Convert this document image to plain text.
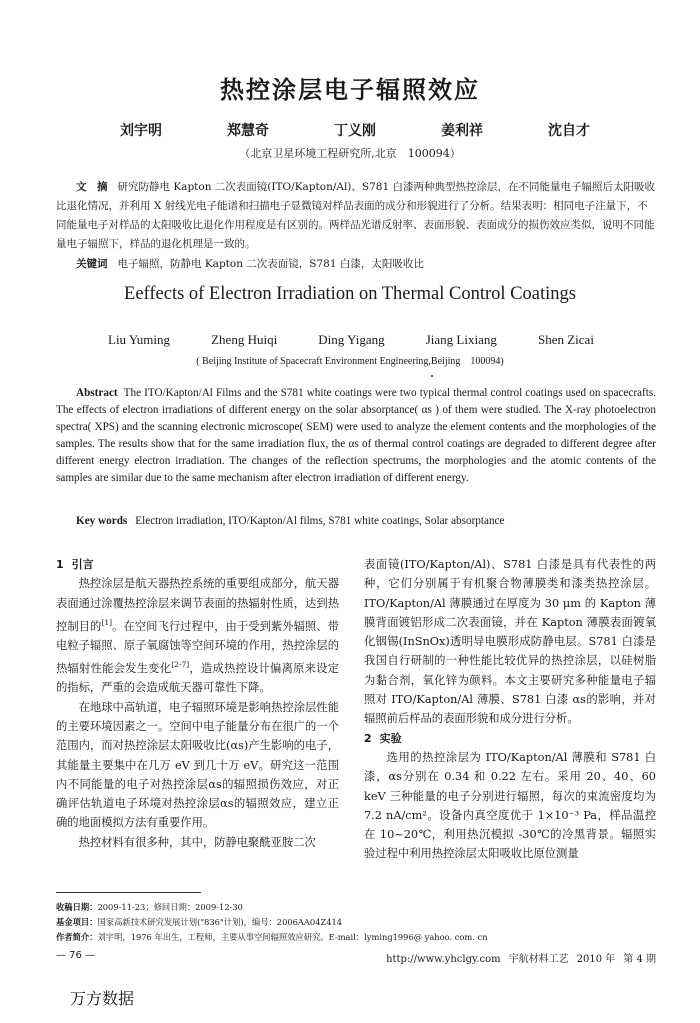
热控涂层电子辐照效应
刘宇明	郑慧奇	丁义刚	姜利祥	沈自才
（北京卫星环境工程研究所,北京　100094）
文　摘 研究防静电 Kapton 二次表面镜(ITO/Kapton/Al)、S781 白漆两种典型热控涂层，在不同能量电子辐照后太阳吸收比退化情况，并利用 X 射线光电子能谱和扫描电子显微镜对样品表面的成分和形貌进行了分析。结果表明：相同电子注量下，不同能量电子对样品的太阳吸收比退化作用程度是有区别的。两样品光谱反射率、表面形貌、表面成分的损伤效应类似，说明不同能量电子辐照下，样品的退化机理是一致的。
关键词 电子辐照，防静电 Kapton 二次表面镜，S781 白漆，太阳吸收比
Eeffects of Electron Irradiation on Thermal Control Coatings
Liu Yuming	Zheng Huiqi	Ding Yigang	Jiang Lixiang	Shen Zicai
( Beijing Institute of Spacecraft Environment Engineering,Beijing　100094)
Abstract The ITO/Kapton/Al Films and the S781 white coatings were two typical thermal control coatings used on spacecrafts. The effects of electron irradiations of different energy on the solar absorptance( αs ) of them were studied. The X-ray photoelectron spectra( XPS) and the scanning electronic microscope( SEM) were used to analyze the element contents and the morphologies of the samples. The results show that for the same irradiation flux, the αs of thermal control coatings are degraded to different degree after different energy electron irradiation. The changes of the reflection spectrums, the morphologies and the atomic contents of the samples are similar due to the same mechanism after electron irradiation of different energy.
Key words Electron irradiation, ITO/Kapton/Al films, S781 white coatings, Solar absorptance
1 引言

热控涂层是航天器热控系统的重要组成部分，航天器表面通过涂覆热控涂层来调节表面的热辐射性质，达到热控制目的[1]。在空间飞行过程中，由于受到紫外辐照、带电粒子辐照、原子氧腐蚀等空间环境的作用，热控涂层的热辐射性能会发生变化[2-7]，造成热控设计偏离原来设定的指标，严重的会造成航天器可靠性下降。

在地球中高轨道，电子辐照环境是影响热控涂层性能的主要环境因素之一。空间中电子能量分布在很广的一个范围内，而对热控涂层太阳吸收比(αs)产生影响的电子，其能量主要集中在几万 eV 到几十万 eV。研究这一范围内不同能量的电子对热控涂层αs的辐照损伤效应，对正确评估轨道电子环境对热控涂层αs的辐照效应，建立正确的地面模拟方法有重要作用。

热控材料有很多种，其中，防静电聚酰亚胺二次

表面镜(ITO/Kapton/Al)、S781 白漆是具有代表性的两种，它们分别属于有机聚合物薄膜类和漆类热控涂层。ITO/Kapton/Al 薄膜通过在厚度为 30 μm 的 Kapton 薄膜背面镀铝形成二次表面镜，并在 Kapton 薄膜表面镀氧化铟锡(InSnOx)透明导电膜形成防静电层。S781 白漆是我国自行研制的一种性能比较优异的热控涂层，以硅树脂为黏合剂，氧化锌为颜料。本文主要研究多种能量电子辐照对 ITO/Kapton/Al 薄膜、S781 白漆 αs的影响，并对辐照前后样品的表面形貌和成分进行分析。

2 实验

选用的热控涂层为 ITO/Kapton/Al 薄膜和 S781 白漆，αs分别在 0.34 和 0.22 左右。采用 20、40、60 keV 三种能量的电子分别进行辐照，每次的束流密度均为 7.2 nA/cm²。设备内真空度优于 1×10⁻³ Pa，样品温控在 10~20℃，利用热沉模拟 -30℃的冷黑背景。辐照实验过程中利用热控涂层太阳吸收比原位测量

收稿日期：2009-11-23；修回日期：2009-12-30
基金项目：国家高新技术研究发展计划("836"计划)，编号：2006AA04Z414
作者简介：刘宇明，1976 年出生，工程师，主要从事空间辐照效应研究。E-mail：lyming1996@ yahoo. com. cn
— 76 —	http://www.yhclgy.com 宇航材料工艺 2010 年 第 4 期
万方数据
